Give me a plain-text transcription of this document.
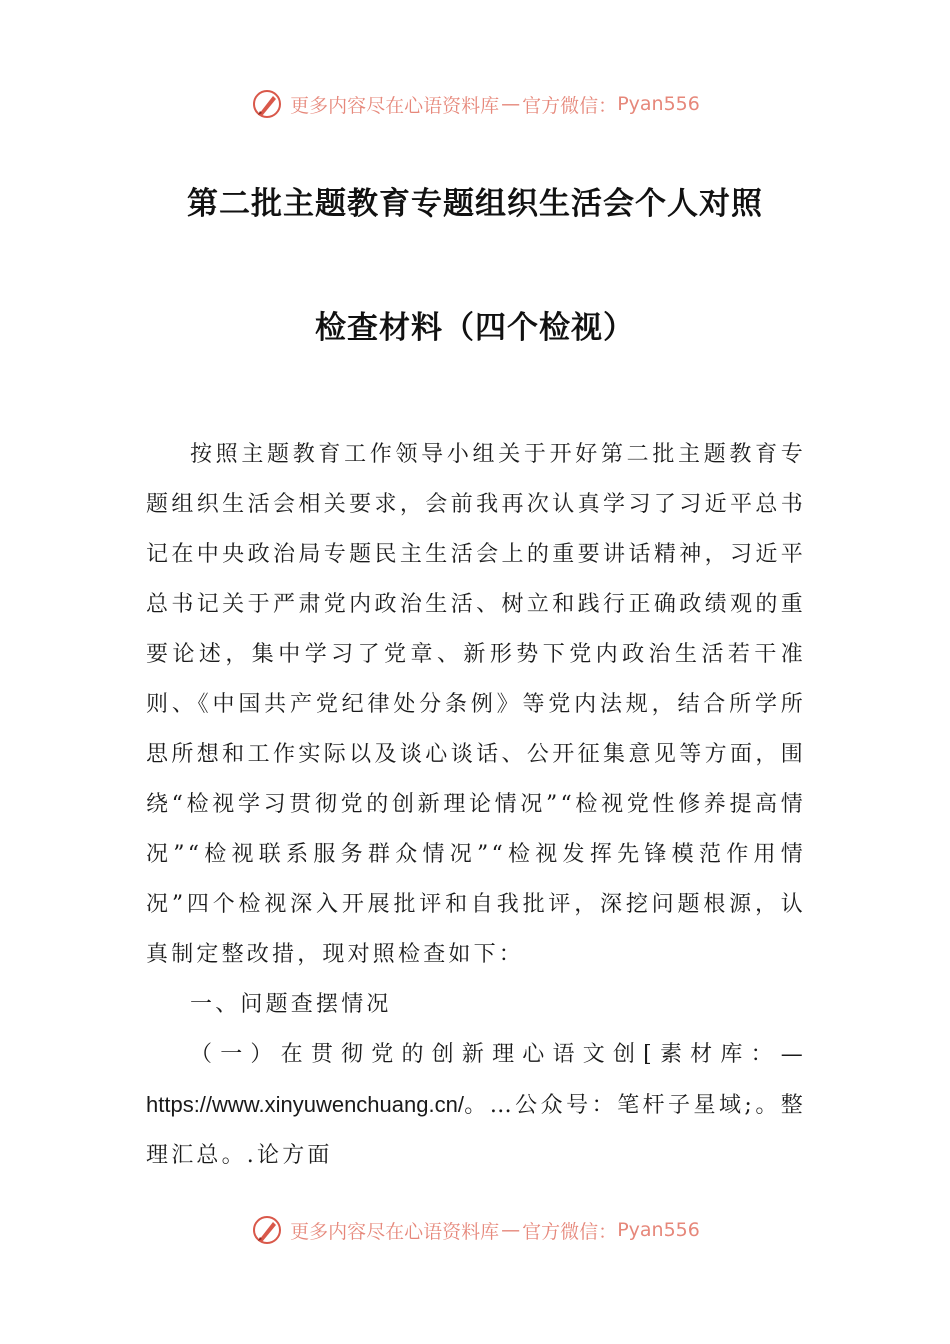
更多内容尽在心语资料库 — 官方微信： Pyan556
第二批主题教育专题组织生活会个人对照
检查材料（四个检视）

按照主题教育工作领导小组关于开好第二批主题教育专题组织生活会相关要求，会前我再次认真学习了习近平总书记在中央政治局专题民主生活会上的重要讲话精神，习近平总书记关于严肃党内政治生活、树立和践行正确政绩观的重要论述，集中学习了党章、新形势下党内政治生活若干准则、《中国共产党纪律处分条例》等党内法规，结合所学所思所想和工作实际以及谈心谈话、公开征集意见等方面，围绕“检视学习贯彻党的创新理论情况”“检视党性修养提高情况”“检视联系服务群众情况”“检视发挥先锋模范作用情况”四个检视深入开展批评和自我批评，深挖问题根源，认真制定整改措，现对照检查如下：

一、问题查摆情况

（一）在贯彻党的创新理心语文创[素材库：—https://www.xinyuwenchuang.cn/。…公众号：笔杆子星域;。整理汇总。.论方面
更多内容尽在心语资料库 — 官方微信： Pyan556
